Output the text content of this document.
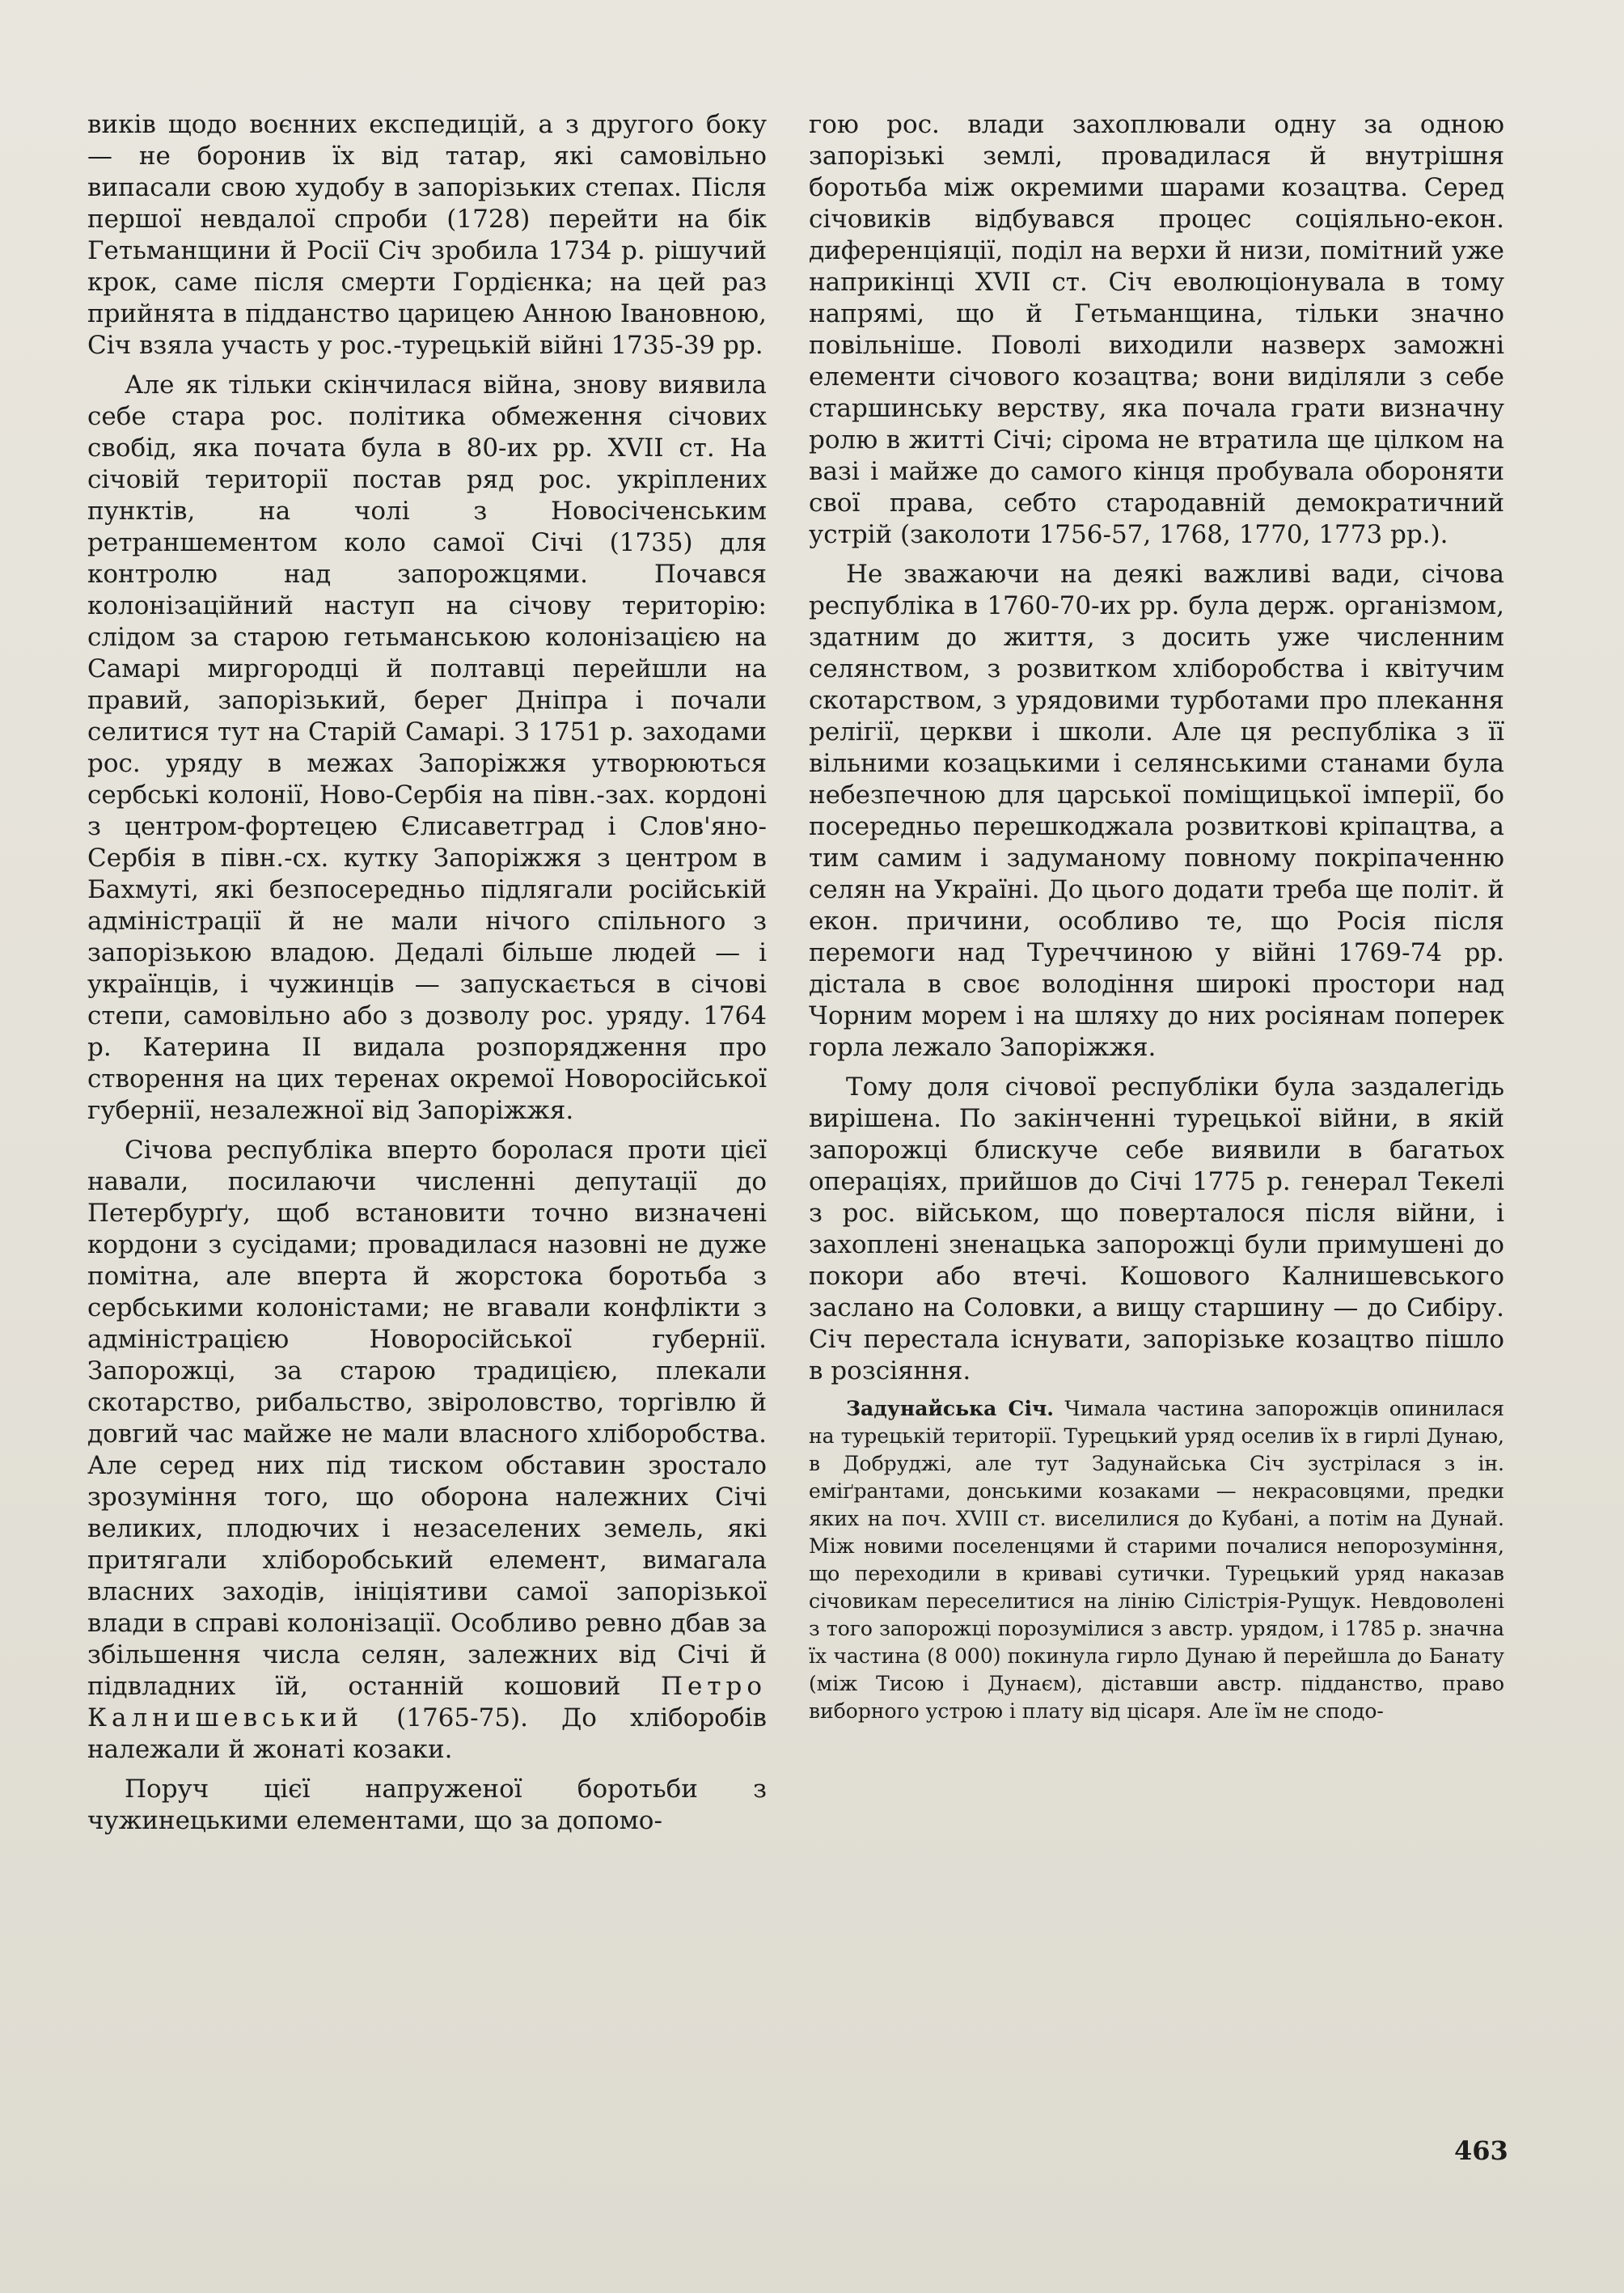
виків щодо воєнних експедицій, а з другого боку — не боронив їх від татар, які самовільно випасали свою худобу в запорізьких степах. Після першої невдалої спроби (1728) перейти на бік Гетьманщини й Росії Січ зробила 1734 р. рішучий крок, саме після смерти Гордієнка; на цей раз прийнята в підданство царицею Анною Івановною, Січ взяла участь у рос.-турецькій війні 1735-39 рр.

Але як тільки скінчилася війна, знову виявила себе стара рос. політика обмеження січових свобід, яка почата була в 80-их рр. XVII ст. На січовій території постав ряд рос. укріплених пунктів, на чолі з Новосіченським ретраншементом коло самої Січі (1735) для контролю над запорожцями. Почався колонізаційний наступ на січову територію: слідом за старою гетьманською колонізацією на Самарі миргородці й полтавці перейшли на правий, запорізький, берег Дніпра і почали селитися тут на Старій Самарі. З 1751 р. заходами рос. уряду в межах Запоріжжя утворюються сербські колонії, Ново-Сербія на півн.-зах. кордоні з центром-фортецею Єлисаветград і Слов'яно-Сербія в півн.-сх. кутку Запоріжжя з центром в Бахмуті, які безпосередньо підлягали російській адміністрації й не мали нічого спільного з запорізькою владою. Дедалі більше людей — і українців, і чужинців — запускається в січові степи, самовільно або з дозволу рос. уряду. 1764 р. Катерина II видала розпорядження про створення на цих теренах окремої Новоросійської губернії, незалежної від Запоріжжя.

Січова республіка вперто боролася проти цієї навали, посилаючи численні депутації до Петербурґу, щоб встановити точно визначені кордони з сусідами; провадилася назовні не дуже помітна, але вперта й жорстока боротьба з сербськими колоністами; не вгавали конфлікти з адміністрацією Новоросійської губернії. Запорожці, за старою традицією, плекали скотарство, рибальство, звіроловство, торгівлю й довгий час майже не мали власного хліборобства. Але серед них під тиском обставин зростало зрозуміння того, що оборона належних Січі великих, плодючих і незаселених земель, які притягали хліборобський елемент, вимагала власних заходів, ініціятиви самої запорізької влади в справі колонізації. Особливо ревно дбав за збільшення числа селян, залежних від Січі й підвладних їй, останній кошовий Петро Калнишевський (1765-75). До хліборобів належали й жонаті козаки.

Поруч цієї напруженої боротьби з чужинецькими елементами, що за допомо-

гою рос. влади захоплювали одну за одною запорізькі землі, провадилася й внутрішня боротьба між окремими шарами козацтва. Серед січовиків відбувався процес соціяльно-екон. диференціяції, поділ на верхи й низи, помітний уже наприкінці XVII ст. Січ еволюціонувала в тому напрямі, що й Гетьманщина, тільки значно повільніше. Поволі виходили назверх заможні елементи січового козацтва; вони виділяли з себе старшинську верству, яка почала грати визначну ролю в житті Січі; сірома не втратила ще цілком на вазі і майже до самого кінця пробувала обороняти свої права, себто стародавній демократичний устрій (заколоти 1756-57, 1768, 1770, 1773 рр.).

Не зважаючи на деякі важливі вади, січова республіка в 1760-70-их рр. була держ. організмом, здатним до життя, з досить уже численним селянством, з розвитком хліборобства і квітучим скотарством, з урядовими турботами про плекання релігії, церкви і школи. Але ця республіка з її вільними козацькими і селянськими станами була небезпечною для царської поміщицької імперії, бо посередньо перешкоджала розвиткові кріпацтва, а тим самим і задуманому повному покріпаченню селян на Україні. До цього додати треба ще політ. й екон. причини, особливо те, що Росія після перемоги над Туреччиною у війні 1769-74 рр. дістала в своє володіння широкі простори над Чорним морем і на шляху до них росіянам поперек горла лежало Запоріжжя.

Тому доля січової республіки була заздалегідь вирішена. По закінченні турецької війни, в якій запорожці блискуче себе виявили в багатьох операціях, прийшов до Січі 1775 р. генерал Текелі з рос. військом, що поверталося після війни, і захоплені зненацька запорожці були примушені до покори або втечі. Кошового Калнишевського заслано на Соловки, а вищу старшину — до Сибіру. Січ перестала існувати, запорізьке козацтво пішло в розсіяння.

Задунайська Січ. Чимала частина запорожців опинилася на турецькій території. Турецький уряд оселив їх в гирлі Дунаю, в Добруджі, але тут Задунайська Січ зустрілася з ін. еміґрантами, донськими козаками — некрасовцями, предки яких на поч. XVIII ст. виселилися до Кубані, а потім на Дунай. Між новими поселенцями й старими почалися непорозуміння, що переходили в криваві сутички. Турецький уряд наказав січовикам переселитися на лінію Сілістрія-Рущук. Невдоволені з того запорожці порозумілися з австр. урядом, і 1785 р. значна їх частина (8 000) покинула гирло Дунаю й перейшла до Банату (між Тисою і Дунаєм), діставши австр. підданство, право виборного устрою і плату від цісаря. Але їм не сподо-

463
